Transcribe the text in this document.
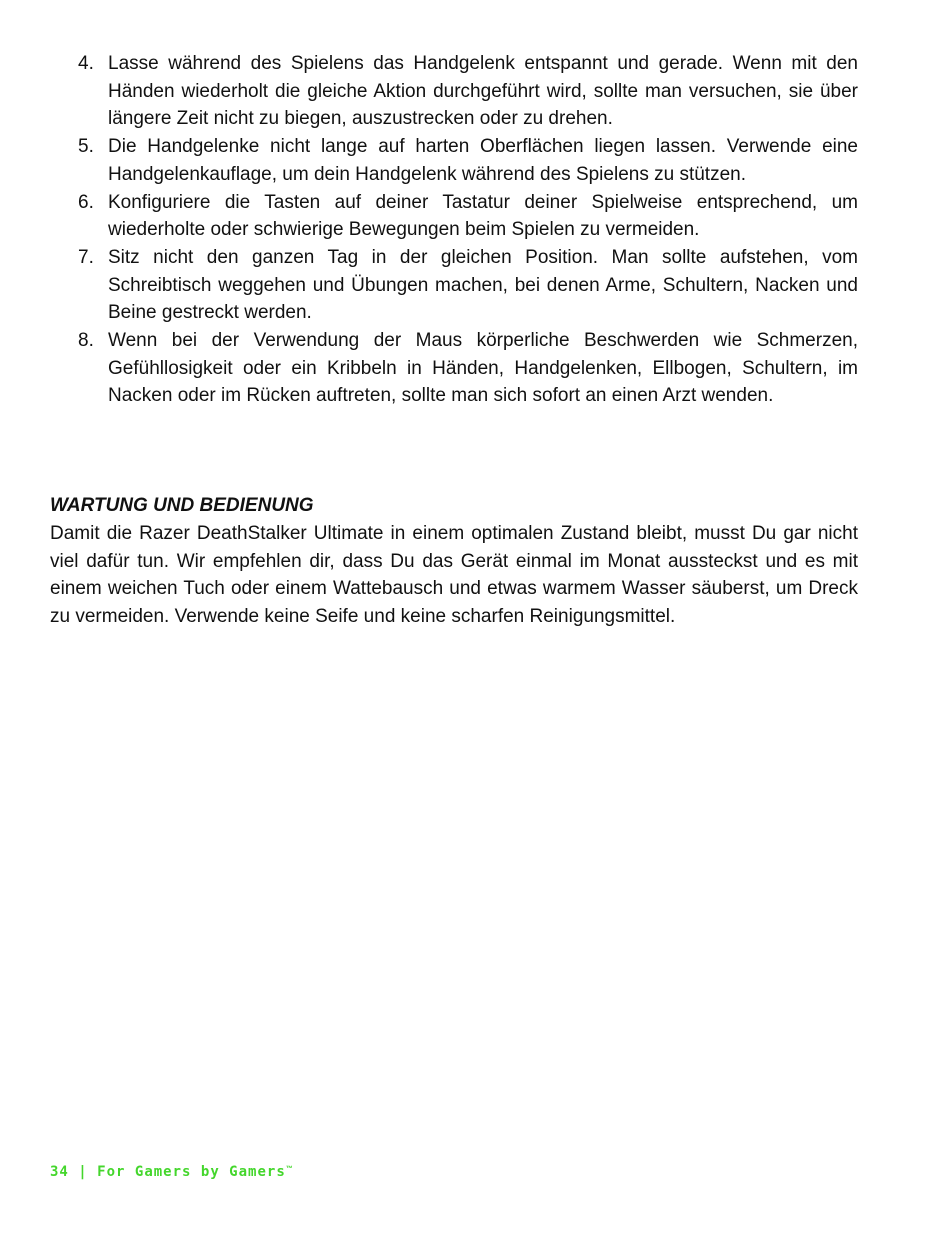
4. Lasse während des Spielens das Handgelenk entspannt und gerade. Wenn mit den Händen wiederholt die gleiche Aktion durchgeführt wird, sollte man versuchen, sie über längere Zeit nicht zu biegen, auszustrecken oder zu drehen.
5. Die Handgelenke nicht lange auf harten Oberflächen liegen lassen. Verwende eine Handgelenkauflage, um dein Handgelenk während des Spielens zu stützen.
6. Konfiguriere die Tasten auf deiner Tastatur deiner Spielweise entsprechend, um wiederholte oder schwierige Bewegungen beim Spielen zu vermeiden.
7. Sitz nicht den ganzen Tag in der gleichen Position. Man sollte aufstehen, vom Schreibtisch weggehen und Übungen machen, bei denen Arme, Schultern, Nacken und Beine gestreckt werden.
8. Wenn bei der Verwendung der Maus körperliche Beschwerden wie Schmerzen, Gefühllosigkeit oder ein Kribbeln in Händen, Handgelenken, Ellbogen, Schultern, im Nacken oder im Rücken auftreten, sollte man sich sofort an einen Arzt wenden.
WARTUNG UND BEDIENUNG

Damit die Razer DeathStalker Ultimate in einem optimalen Zustand bleibt, musst Du gar nicht viel dafür tun. Wir empfehlen dir, dass Du das Gerät einmal im Monat aussteckst und es mit einem weichen Tuch oder einem Wattebausch und etwas warmem Wasser säuberst, um Dreck zu vermeiden. Verwende keine Seife und keine scharfen Reinigungsmittel.

34 | For Gamers by Gamers™
